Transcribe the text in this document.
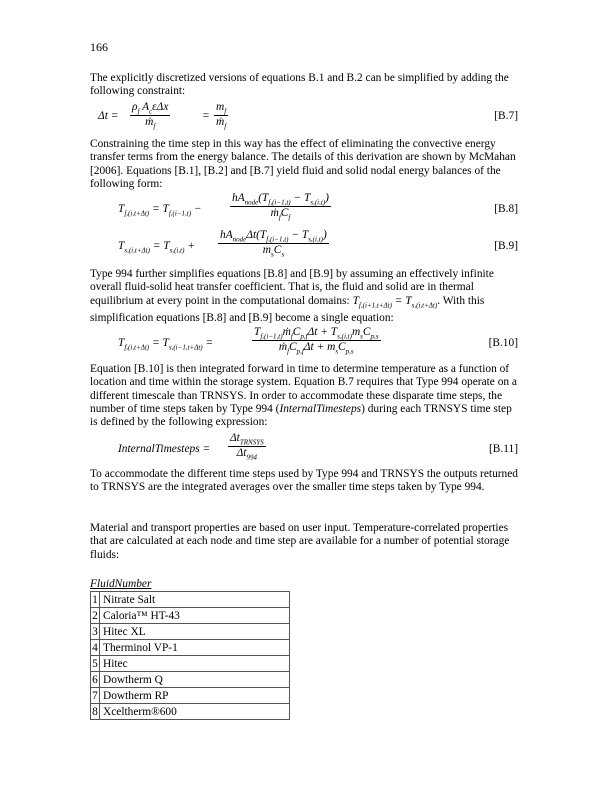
166
The explicitly discretized versions of equations B.1 and B.2 can be simplified by adding the following constraint:
Δt =
$\rho_f$ $A_c\varepsilon\Delta x$
ṁ$_f$
= $\frac{m_f}{ṁ_f}$	[B.7]
Constraining the time step in this way has the effect of eliminating the convective energy transfer terms from the energy balance. The details of this derivation are shown by McMahan [2006]. Equations [B.1], [B.2] and [B.7] yield fluid and solid nodal energy balances of the following form:
$T_{f,(i,t+\Delta t)} = T_{f,(i-1,t)}$ −
$hA_{node}(T_{f,(i-1,t)} - T_{s,(i,t)})$
$ṁ_fC_f$
[B.8]
$T_{s,(i,t+\Delta t)} = T_{s,(i,t)}$ +
$hA_{node}\Delta t(T_{f,(i-1,t)} - T_{s,(i,t)})$
$m_sC_s$
[B.9]
Type 994 further simplifies equations [B.8] and [B.9] by assuming an effectively infinite overall fluid-solid heat transfer coefficient. That is, the fluid and solid are in thermal equilibrium at every point in the computational domains: $T_{f,(i+1,t+\Delta t)} = T_{s,(i,t+\Delta t)}$. With this simplification equations [B.8] and [B.9] become a single equation:
$T_{f,(i,t+\Delta t)} = T_{s,(i-1,t+\Delta t)}$ =
$T_{f,(i-1,t)}ṁ_fC_{p,f}\Delta t + T_{s,(i,t)}m_sC_{p,s}$
$ṁ_fC_{p,f}\Delta t + m_sC_{p,s}$
[B.10]
Equation [B.10] is then integrated forward in time to determine temperature as a function of location and time within the storage system. Equation B.7 requires that Type 994 operate on a different timescale than TRNSYS. In order to accommodate these disparate time steps, the number of time steps taken by Type 994 (InternalTimesteps) during each TRNSYS time step is defined by the following expression:
InternalTimesteps =
$\Delta t_{TRNSYS}$
$\Delta t_{994}$
[B.11]
To accommodate the different time steps used by Type 994 and TRNSYS the outputs returned to TRNSYS are the integrated averages over the smaller time steps taken by Type 994.
Material and transport properties are based on user input. Temperature-correlated properties that are calculated at each node and time step are available for a number of potential storage fluids:
FluidNumber
1	Nitrate Salt
2	Caloria™ HT-43
3	Hitec XL
4	Therminol VP-1
5	Hitec
6	Dowtherm Q
7	Dowtherm RP
8	Xceltherm®600
